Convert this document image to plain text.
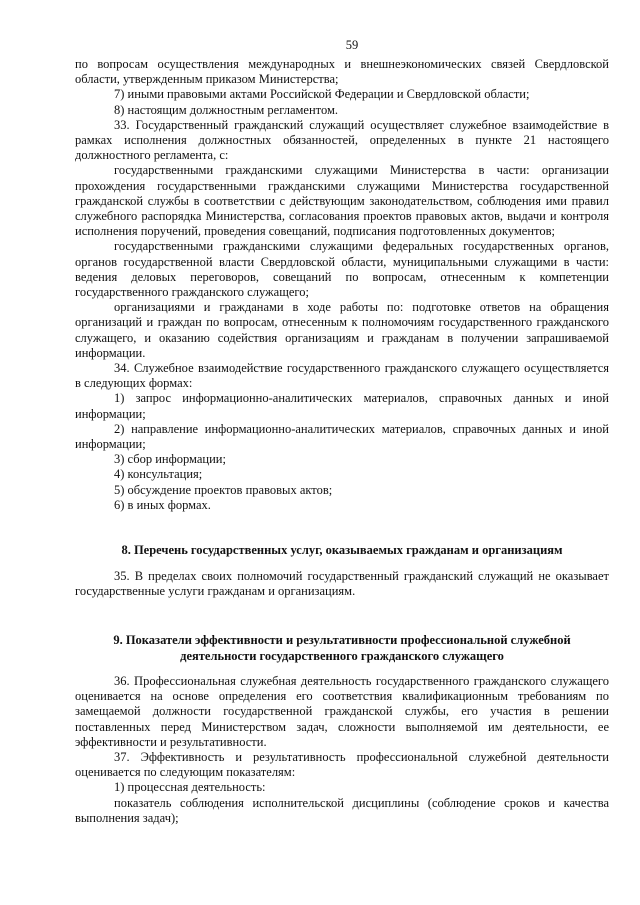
59

по вопросам осуществления международных и внешнеэкономических связей Свердловской области, утвержденным приказом Министерства;

7) иными правовыми актами Российской Федерации и Свердловской области;

8) настоящим должностным регламентом.

33. Государственный гражданский служащий осуществляет служебное взаимодействие в рамках исполнения должностных обязанностей, определенных в пункте 21 настоящего должностного регламента, с:

государственными гражданскими служащими Министерства в части: организации прохождения государственными гражданскими служащими Министерства государственной гражданской службы в соответствии с действующим законодательством, соблюдения ими правил служебного распорядка Министерства, согласования проектов правовых актов, выдачи и контроля исполнения поручений, проведения совещаний, подписания подготовленных документов;

государственными гражданскими служащими федеральных государственных органов, органов государственной власти Свердловской области, муниципальными служащими в части: ведения деловых переговоров, совещаний по вопросам, отнесенным к компетенции государственного гражданского служащего;

организациями и гражданами в ходе работы по: подготовке ответов на обращения организаций и граждан по вопросам, отнесенным к полномочиям государственного гражданского служащего, и оказанию содействия организациям и гражданам в получении запрашиваемой информации.

34. Служебное взаимодействие государственного гражданского служащего осуществляется в следующих формах:

1) запрос информационно-аналитических материалов, справочных данных и иной информации;

2) направление информационно-аналитических материалов, справочных данных и иной информации;

3) сбор информации;

4) консультация;

5) обсуждение проектов правовых актов;

6) в иных формах.

8. Перечень государственных услуг, оказываемых гражданам и организациям

35. В пределах своих полномочий государственный гражданский служащий не оказывает государственные услуги гражданам и организациям.

9. Показатели эффективности и результативности профессиональной служебной деятельности государственного гражданского служащего

36. Профессиональная служебная деятельность государственного гражданского служащего оценивается на основе определения его соответствия квалификационным требованиям по замещаемой должности государственной гражданской службы, его участия в решении поставленных перед Министерством задач, сложности выполняемой им деятельности, ее эффективности и результативности.

37. Эффективность и результативность профессиональной служебной деятельности оценивается по следующим показателям:

1) процессная деятельность:

показатель соблюдения исполнительской дисциплины (соблюдение сроков и качества выполнения задач);
